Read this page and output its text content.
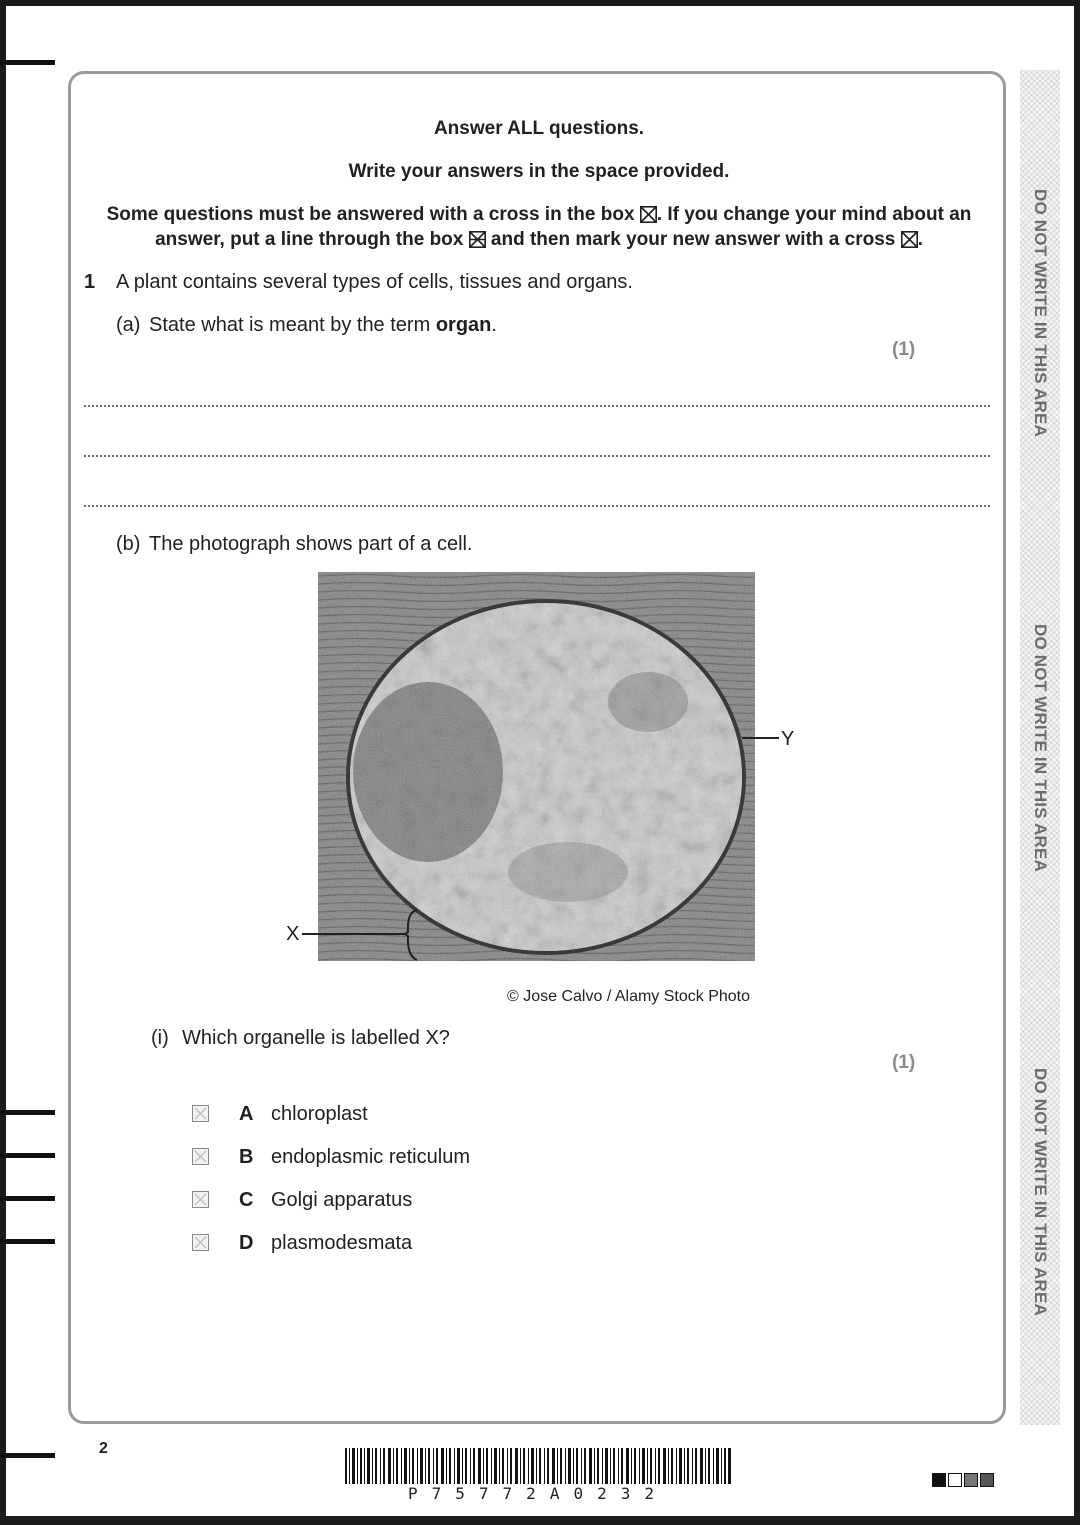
DO NOT WRITE IN THIS AREA
DO NOT WRITE IN THIS AREA
DO NOT WRITE IN THIS AREA
Answer ALL questions.
Write your answers in the space provided.
Some questions must be answered with a cross in the box ☒. If you change your mind about an
answer, put a line through the box and then mark your new answer with a cross ☒.
1 A plant contains several types of cells, tissues and organs.
(a) State what is meant by the term organ.
(1)
(b) The photograph shows part of a cell.
X
Y
© Jose Calvo / Alamy Stock Photo
(i) Which organelle is labelled X?
(1)
A chloroplast
B endoplasmic reticulum
C Golgi apparatus
D plasmodesmata
2
P75772A0232
